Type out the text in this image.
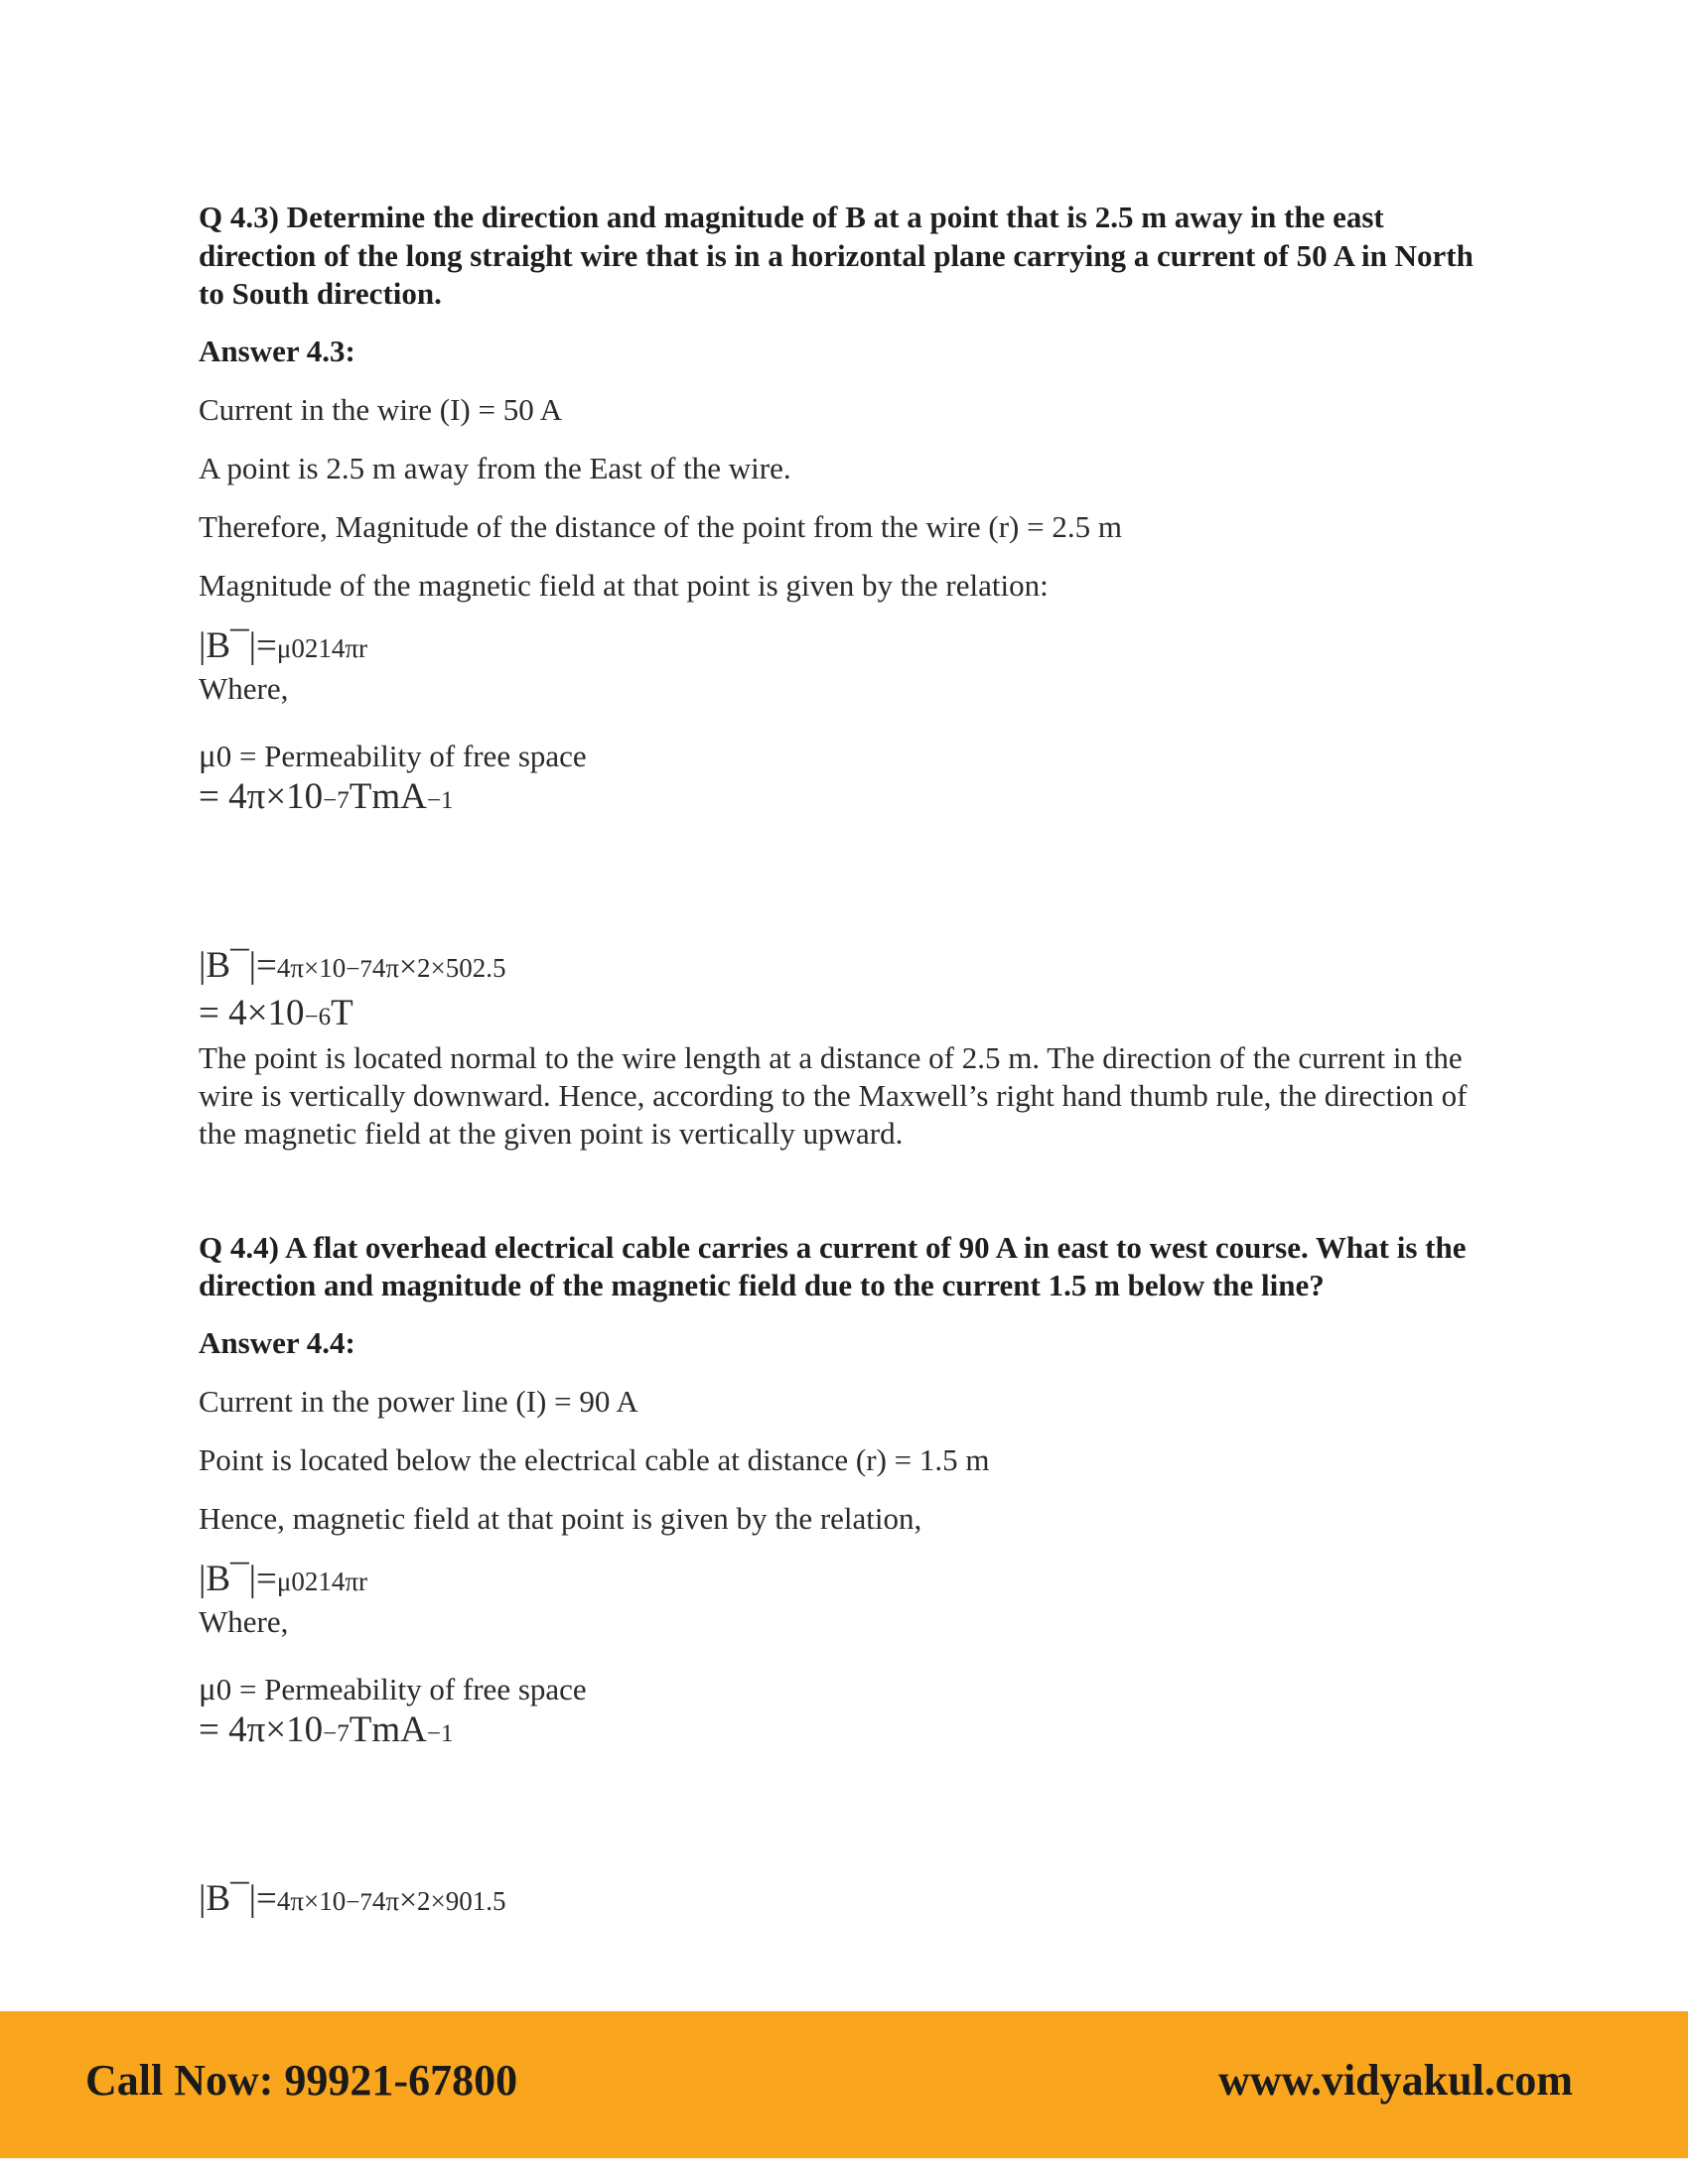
Q 4.3) Determine the direction and magnitude of B at a point that is 2.5 m away in the east direction of the long straight wire that is in a horizontal plane carrying a current of 50 A in North to South direction.

Answer 4.3:

Current in the wire (I) = 50 A

A point is 2.5 m away from the East of the wire.

Therefore, Magnitude of the distance of the point from the wire (r) = 2.5 m

Magnitude of the magnetic field at that point is given by the relation:

|B¯|=μ0214πr

Where,

μ0 = Permeability of free space

= 4π×10−7TmA−1

|B¯|=4π×10−74π×2×502.5

= 4×10−6T

The point is located normal to the wire length at a distance of 2.5 m. The direction of the current in the wire is vertically downward. Hence, according to the Maxwell’s right hand thumb rule, the direction of the magnetic field at the given point is vertically upward.

Q 4.4) A flat overhead electrical cable carries a current of 90 A in east to west course. What is the direction and magnitude of the magnetic field due to the current 1.5 m below the line?

Answer 4.4:

Current in the power line (I) = 90 A

Point is located below the electrical cable at distance (r) = 1.5 m

Hence, magnetic field at that point is given by the relation,

|B¯|=μ0214πr

Where,

μ0 = Permeability of free space

= 4π×10−7TmA−1

|B¯|=4π×10−74π×2×901.5

Call Now: 99921-67800	www.vidyakul.com
